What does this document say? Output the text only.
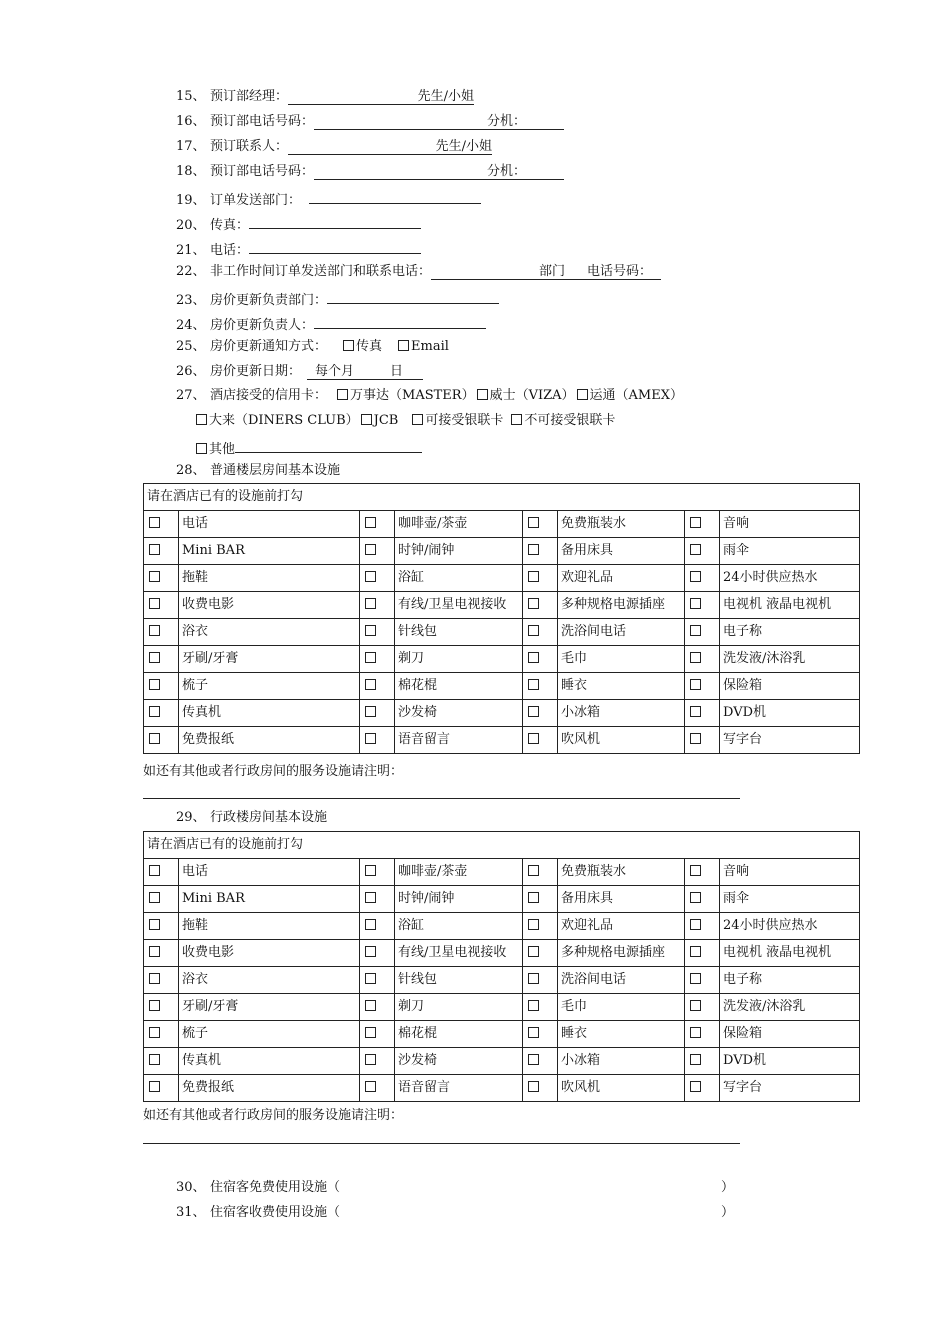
15、 预订部经理：	先生/小姐
16、 预订部电话号码：	分机：
17、 预订联系人：	先生/小姐
18、 预订部电话号码：	分机：
19、 订单发送部门：
20、 传真：
21、 电话：
22、 非工作时间订单发送部门和联系电话：	部门 电话号码：
23、 房价更新负责部门：
24、 房价更新负责人：
25、 房价更新通知方式： 传真 Email
26、 房价更新日期： 每个月	日
27、 酒店接受的信用卡： 万事达（MASTER） 威士（VIZA） 运通（AMEX）
大来（DINERS CLUB） JCB 可接受银联卡 不可接受银联卡
其他
28、 普通楼层房间基本设施
请在酒店已有的设施前打勾							
	电话		咖啡壶/茶壶		免费瓶装水		音响
	Mini BAR		时钟/闹钟		备用床具		雨伞
	拖鞋		浴缸		欢迎礼品		24小时供应热水
	收费电影		有线/卫星电视接收		多种规格电源插座		电视机 液晶电视机
	浴衣		针线包		洗浴间电话		电子称
	牙刷/牙膏		剃刀		毛巾		洗发液/沐浴乳
	梳子		棉花棍		睡衣		保险箱
	传真机		沙发椅		小冰箱		DVD机
	免费报纸		语音留言		吹风机		写字台
如还有其他或者行政房间的服务设施请注明：
29、 行政楼房间基本设施
请在酒店已有的设施前打勾							
	电话		咖啡壶/茶壶		免费瓶装水		音响
	Mini BAR		时钟/闹钟		备用床具		雨伞
	拖鞋		浴缸		欢迎礼品		24小时供应热水
	收费电影		有线/卫星电视接收		多种规格电源插座		电视机 液晶电视机
	浴衣		针线包		洗浴间电话		电子称
	牙刷/牙膏		剃刀		毛巾		洗发液/沐浴乳
	梳子		棉花棍		睡衣		保险箱
	传真机		沙发椅		小冰箱		DVD机
	免费报纸		语音留言		吹风机		写字台
如还有其他或者行政房间的服务设施请注明：
30、 住宿客免费使用设施（	）
31、 住宿客收费使用设施（	）
